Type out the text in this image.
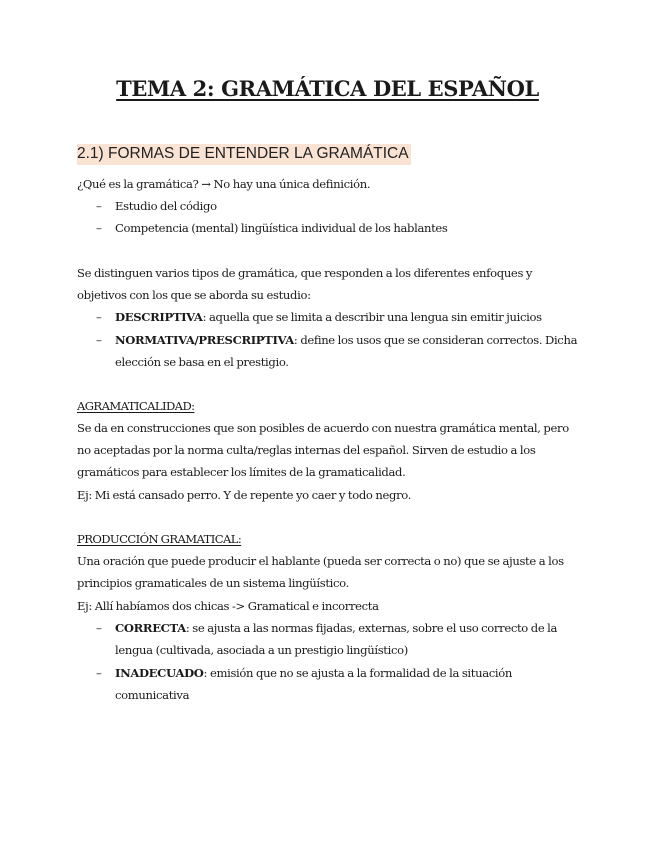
TEMA 2: GRAMÁTICA DEL ESPAÑOL
2.1) FORMAS DE ENTENDER LA GRAMÁTICA

¿Qué es la gramática? → No hay una única definición.

– Estudio del código
– Competencia (mental) lingüística individual de los hablantes

Se distinguen varios tipos de gramática, que responden a los diferentes enfoques y

objetivos con los que se aborda su estudio:

– DESCRIPTIVA: aquella que se limita a describir una lengua sin emitir juicios
– NORMATIVA/PRESCRIPTIVA: define los usos que se consideran correctos. Dicha
elección se basa en el prestigio.

AGRAMATICALIDAD:

Se da en construcciones que son posibles de acuerdo con nuestra gramática mental, pero

no aceptadas por la norma culta/reglas internas del español. Sirven de estudio a los

gramáticos para establecer los límites de la gramaticalidad.

Ej: Mi está cansado perro. Y de repente yo caer y todo negro.

PRODUCCIÓN GRAMATICAL:

Una oración que puede producir el hablante (pueda ser correcta o no) que se ajuste a los

principios gramaticales de un sistema lingüístico.

Ej: Allí habíamos dos chicas -> Gramatical e incorrecta

– CORRECTA: se ajusta a las normas fijadas, externas, sobre el uso correcto de la
lengua (cultivada, asociada a un prestigio lingüístico)
– INADECUADO: emisión que no se ajusta a la formalidad de la situación
comunicativa
